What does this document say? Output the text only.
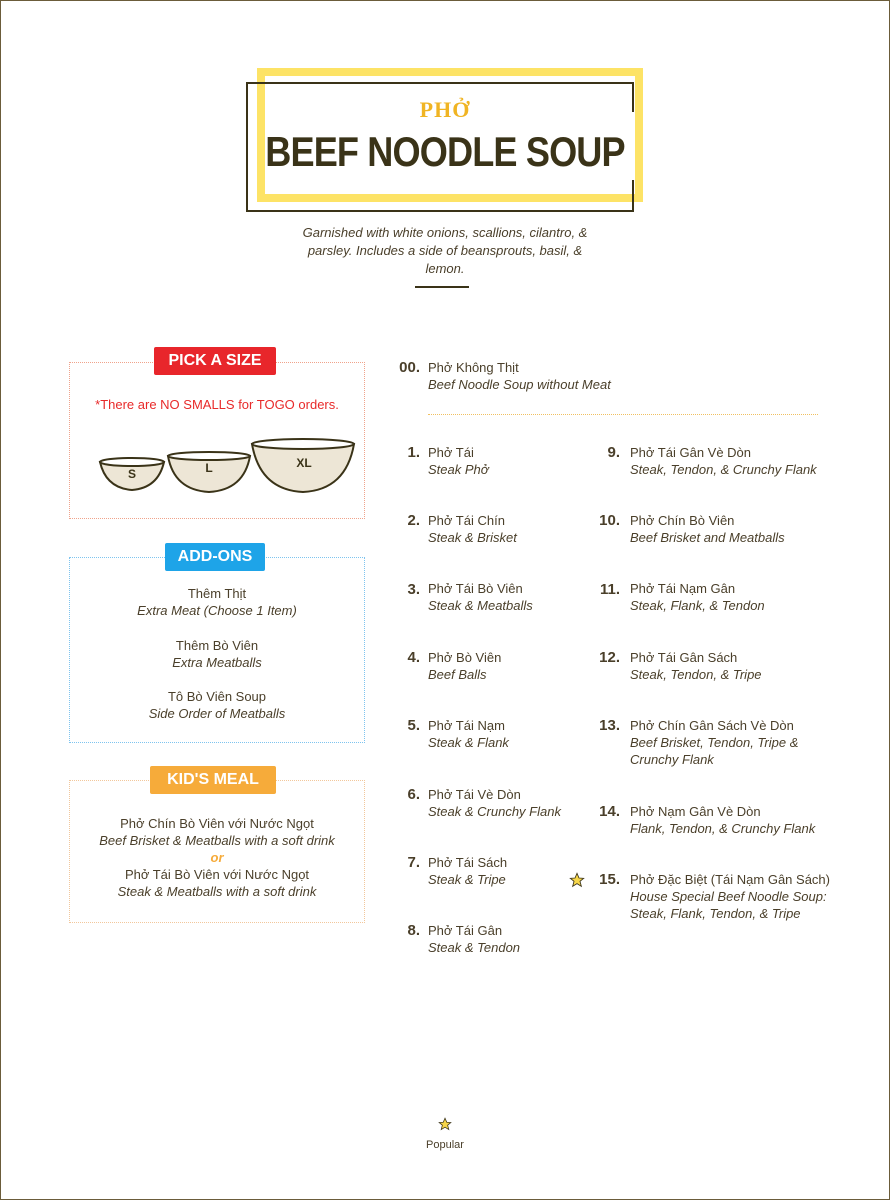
PHỞ
BEEF NOODLE SOUP
Garnished with white onions, scallions, cilantro, & parsley. Includes a side of beansprouts, basil, & lemon.
PICK A SIZE
*There are NO SMALLS for TOGO orders.
S	L	XL
ADD-ONS
Thêm Thịt
Extra Meat (Choose 1 Item)
Thêm Bò Viên
Extra Meatballs
Tô Bò Viên Soup
Side Order of Meatballs
KID'S MEAL
Phở Chín Bò Viên với Nước Ngọt
Beef Brisket & Meatballs with a soft drink
or
Phở Tái Bò Viên với Nước Ngọt
Steak & Meatballs with a soft drink
00. Phở Không Thịt
Beef Noodle Soup without Meat
1. Phở Tái
Steak Phở
2. Phở Tái Chín
Steak & Brisket
3. Phở Tái Bò Viên
Steak & Meatballs
4. Phở Bò Viên
Beef Balls
5. Phở Tái Nạm
Steak & Flank
6. Phở Tái Vè Dòn
Steak & Crunchy Flank
7. Phở Tái Sách
Steak & Tripe
8. Phở Tái Gân
Steak & Tendon
9. Phở Tái Gân Vè Dòn
Steak, Tendon, & Crunchy Flank
10. Phở Chín Bò Viên
Beef Brisket and Meatballs
11. Phở Tái Nạm Gân
Steak, Flank, & Tendon
12. Phở Tái Gân Sách
Steak, Tendon, & Tripe
13. Phở Chín Gân Sách Vè Dòn
Beef Brisket, Tendon, Tripe &
Crunchy Flank
14. Phở Nạm Gân Vè Dòn
Flank, Tendon, & Crunchy Flank
15. Phở Đặc Biệt (Tái Nạm Gân Sách)
House Special Beef Noodle Soup:
Steak, Flank, Tendon, & Tripe
Popular
